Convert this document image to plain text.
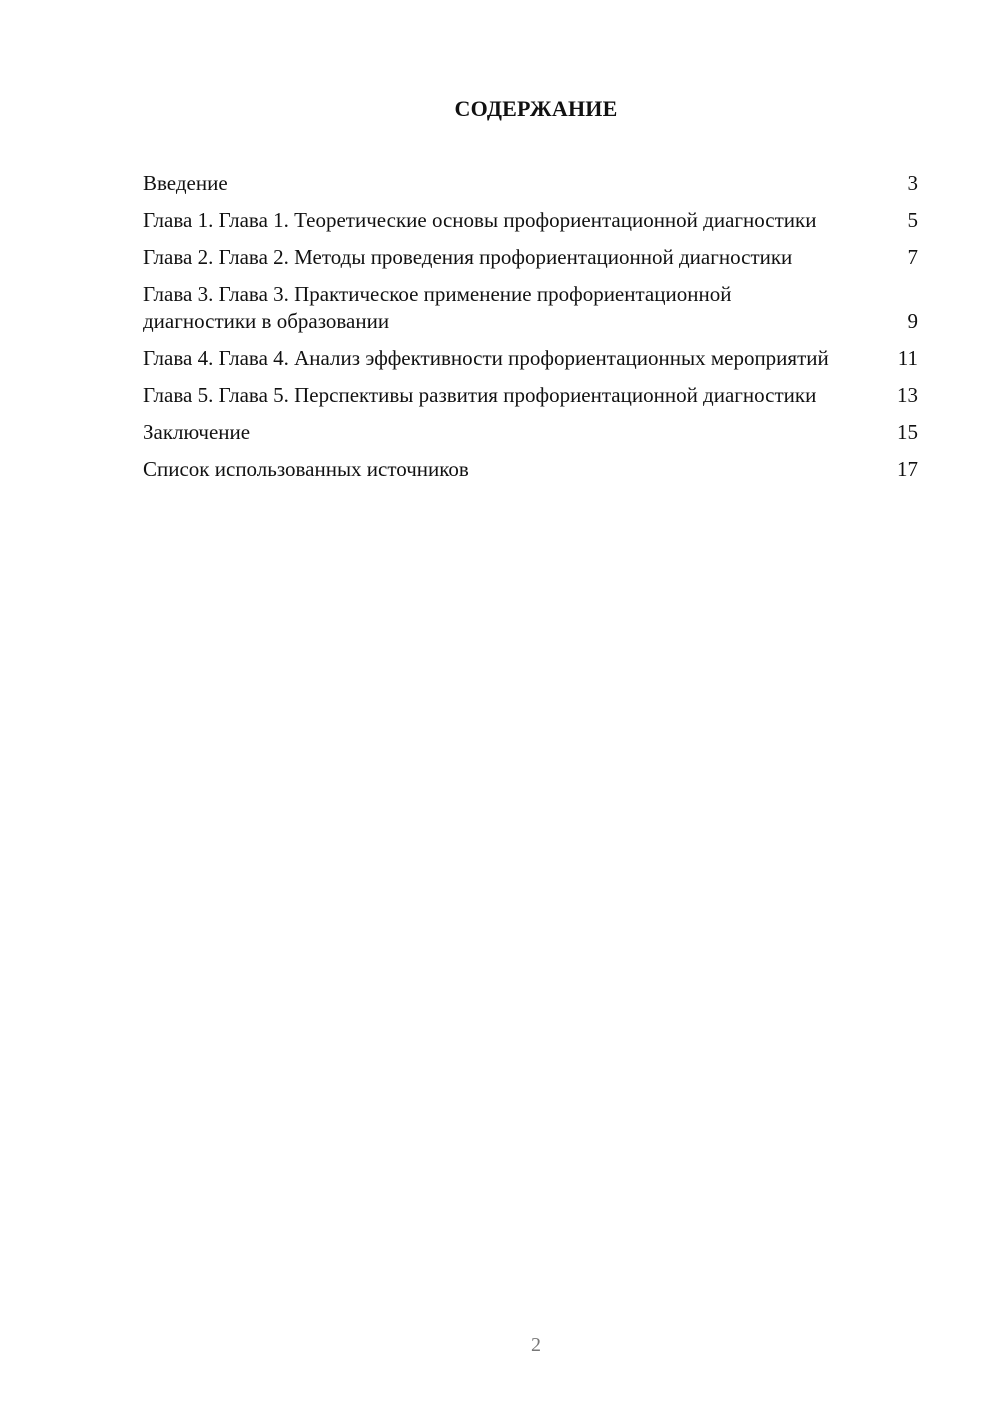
СОДЕРЖАНИЕ
Введение	3
Глава 1. Глава 1. Теоретические основы профориентационной диагностики	5
Глава 2. Глава 2. Методы проведения профориентационной диагностики	7
Глава 3. Глава 3. Практическое применение профориентационной диагностики в образовании	9
Глава 4. Глава 4. Анализ эффективности профориентационных мероприятий	11
Глава 5. Глава 5. Перспективы развития профориентационной диагностики	13
Заключение	15
Список использованных источников	17
2
